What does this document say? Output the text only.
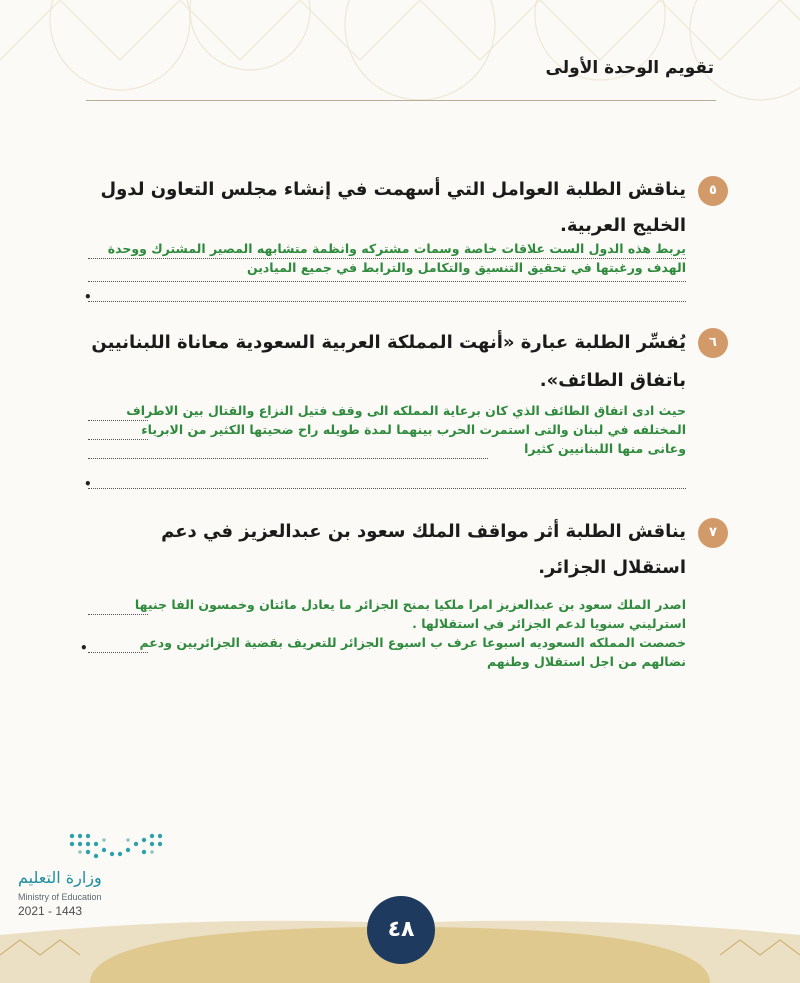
تقويم الوحدة الأولى
٥
يناقش الطلبة العوامل التي أسهمت في إنشاء مجلس التعاون لدول الخليج العربية.
يربط هذه الدول الست علاقات خاصة وسمات مشتركه وانظمة متشابهه المصير المشترك ووحدة
الهدف ورغبتها في تحقيق التنسيق والتكامل والترابط في جميع الميادين
•
٦
يُفسِّر الطلبة عبارة «أنهت المملكة العربية السعودية معاناة اللبنانيين باتفاق الطائف».
حيث ادى اتفاق الطائف الذي كان برعاية المملكه الى وقف فتيل النزاع والقتال بين الاطراف
المختلفه في لبنان والتى استمرت الحرب بينهما لمدة طويله راح ضحيتها الكثير من الابرياء
وعانى منها اللبنانيين كثيرا
•
٧
يناقش الطلبة أثر مواقف الملك سعود بن عبدالعزيز في دعم استقلال الجزائر.
اصدر الملك سعود بن عبدالعزيز امرا ملكيا بمنح الجزائر ما يعادل مائتان وخمسون الفا جنيها
استرليني سنويا لدعم الجزائر في استقلالها .
خصصت المملكه السعوديه اسبوعا عرف ب اسبوع الجزائر للتعريف بقضية الجزائريين ودعم
•
نضالهم من اجل استقلال وطنهم
وزارة التعليم
Ministry of Education
2021 - 1443
٤٨
